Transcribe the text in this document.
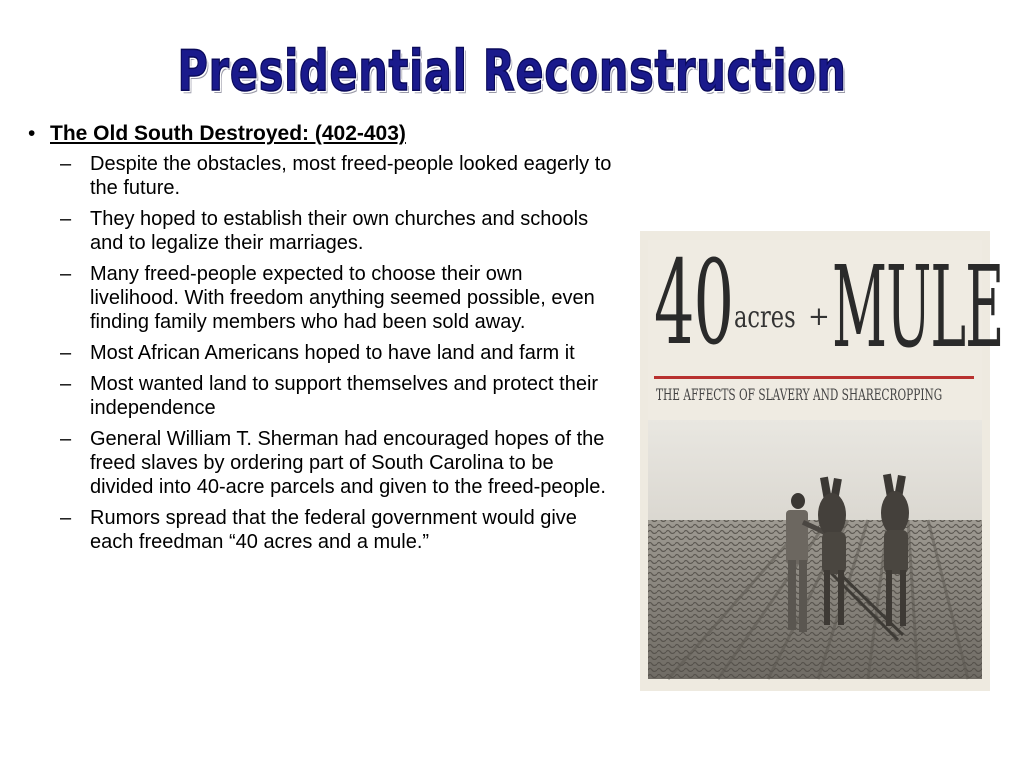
Presidential Reconstruction
• The Old South Destroyed: (402-403)
– Despite the obstacles, most freed-people looked eagerly to the future.
– They hoped to establish their own churches and schools and to legalize their marriages.
– Many freed-people expected to choose their own livelihood. With freedom anything seemed possible, even finding family members who had been sold away.
– Most African Americans hoped to have land and farm it
– Most wanted land to support themselves and protect their independence
– General William T. Sherman had encouraged hopes of the freed slaves by ordering part of South Carolina to be divided into 40-acre parcels and given to the freed-people.
– Rumors spread that the federal government would give each freedman “40 acres and a mule.”
40 acres + MULE
THE AFFECTS OF SLAVERY AND SHARECROPPING
